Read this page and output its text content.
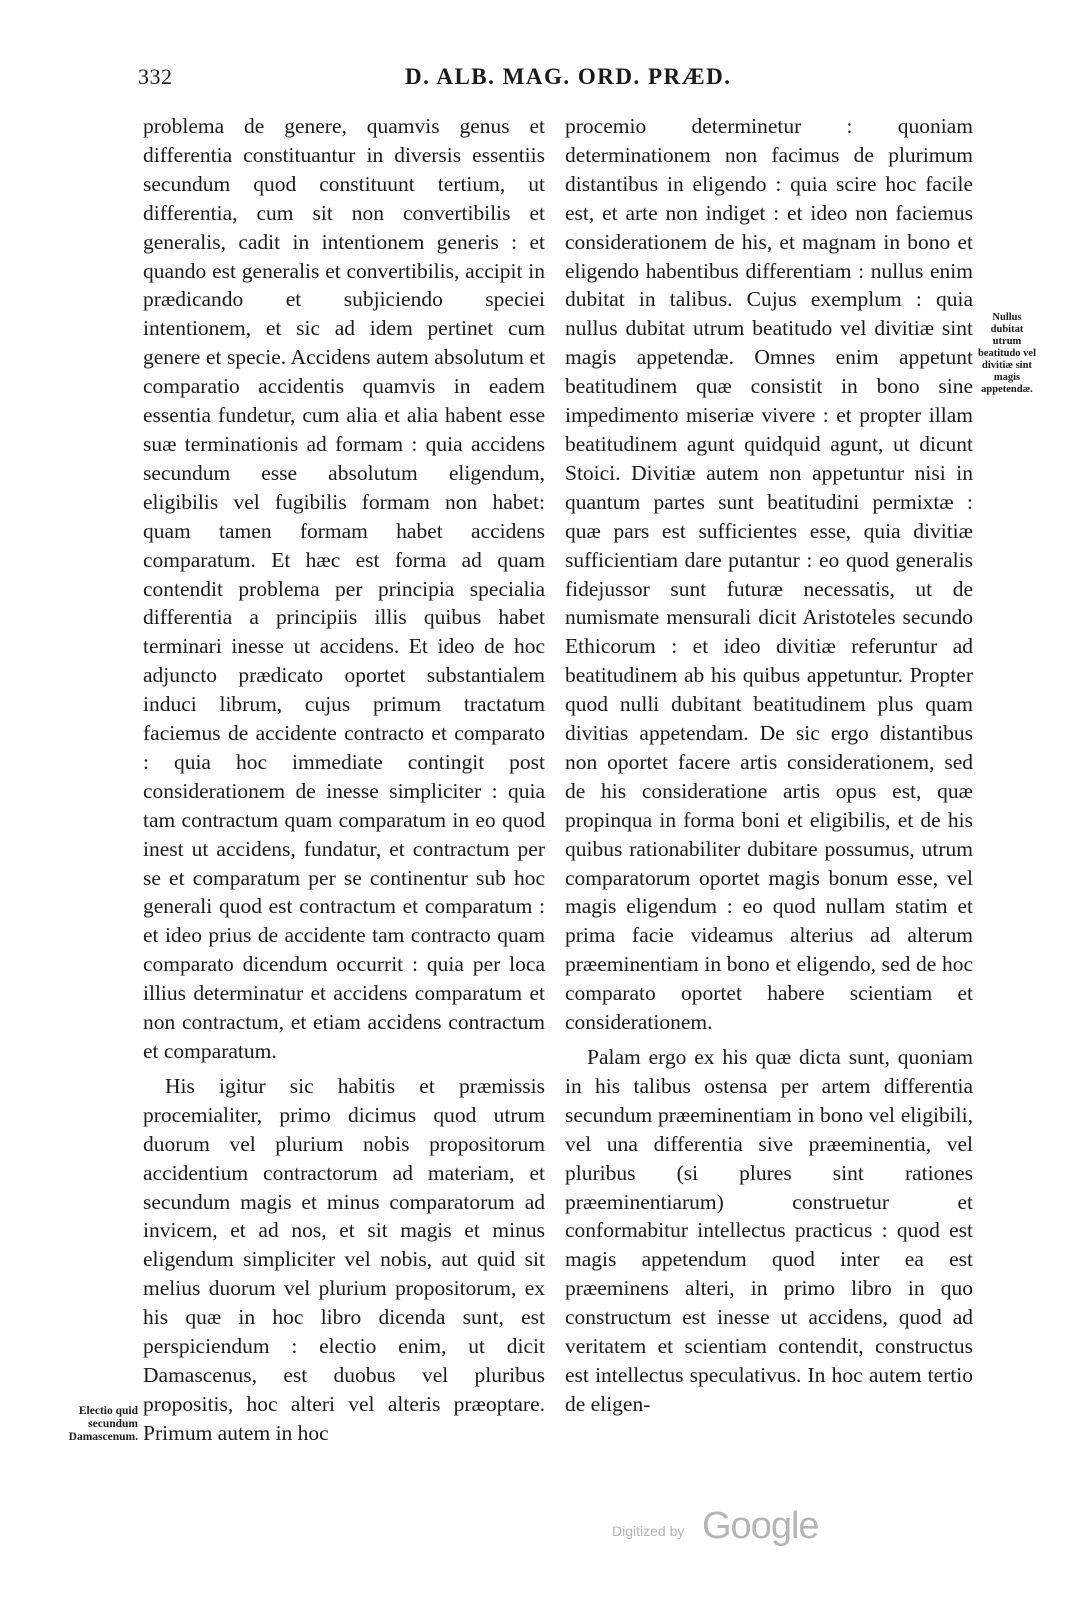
332	D. ALB. MAG. ORD. PRÆD.

problema de genere, quamvis genus et differentia constituantur in diversis essentiis secundum quod constituunt tertium, ut differentia, cum sit non convertibilis et generalis, cadit in intentionem generis : et quando est generalis et convertibilis, accipit in prædicando et subjiciendo speciei intentionem, et sic ad idem pertinet cum genere et specie. Accidens autem absolutum et comparatio accidentis quamvis in eadem essentia fundetur, cum alia et alia habent esse suæ terminationis ad formam : quia accidens secundum esse absolutum eligendum, eligibilis vel fugibilis formam non habet: quam tamen formam habet accidens comparatum. Et hæc est forma ad quam contendit problema per principia specialia differentia a principiis illis quibus habet terminari inesse ut accidens. Et ideo de hoc adjuncto prædicato oportet substantialem induci librum, cujus primum tractatum faciemus de accidente contracto et comparato : quia hoc immediate contingit post considerationem de inesse simpliciter : quia tam contractum quam comparatum in eo quod inest ut accidens, fundatur, et contractum per se et comparatum per se continentur sub hoc generali quod est contractum et comparatum : et ideo prius de accidente tam contracto quam comparato dicendum occurrit : quia per loca illius determinatur et accidens comparatum et non contractum, et etiam accidens contractum et comparatum.

His igitur sic habitis et præmissis procemialiter, primo dicimus quod utrum duorum vel plurium nobis propositorum accidentium contractorum ad materiam, et secundum magis et minus comparatorum ad invicem, et ad nos, et sit magis et minus eligendum simpliciter vel nobis, aut quid sit melius duorum vel plurium propositorum, ex his quæ in hoc libro dicenda sunt, est perspiciendum : electio enim, ut dicit Damascenus, est duobus vel pluribus propositis, hoc alteri vel alteris præoptare. Primum autem in hoc

procemio determinetur : quoniam determinationem non facimus de plurimum distantibus in eligendo : quia scire hoc facile est, et arte non indiget : et ideo non faciemus considerationem de his, et magnam in bono et eligendo habentibus differentiam : nullus enim dubitat in talibus. Cujus exemplum : quia nullus dubitat utrum beatitudo vel divitiæ sint magis appetendæ. Omnes enim appetunt beatitudinem quæ consistit in bono sine impedimento miseriæ vivere : et propter illam beatitudinem agunt quidquid agunt, ut dicunt Stoici. Divitiæ autem non appetuntur nisi in quantum partes sunt beatitudini permixtæ : quæ pars est sufficientes esse, quia divitiæ sufficientiam dare putantur : eo quod generalis fidejussor sunt futuræ necessatis, ut de numismate mensurali dicit Aristoteles secundo Ethicorum : et ideo divitiæ referuntur ad beatitudinem ab his quibus appetuntur. Propter quod nulli dubitant beatitudinem plus quam divitias appetendam. De sic ergo distantibus non oportet facere artis considerationem, sed de his consideratione artis opus est, quæ propinqua in forma boni et eligibilis, et de his quibus rationabiliter dubitare possumus, utrum comparatorum oportet magis bonum esse, vel magis eligendum : eo quod nullam statim et prima facie videamus alterius ad alterum præeminentiam in bono et eligendo, sed de hoc comparato oportet habere scientiam et considerationem.

Palam ergo ex his quæ dicta sunt, quoniam in his talibus ostensa per artem differentia secundum præeminentiam in bono vel eligibili, vel una differentia sive præeminentia, vel pluribus (si plures sint rationes præeminentiarum) construetur et conformabitur intellectus practicus : quod est magis appetendum quod inter ea est præeminens alteri, in primo libro in quo constructum est inesse ut accidens, quod ad veritatem et scientiam contendit, constructus est intellectus speculativus. In hoc autem tertio de eligen-

Electio quid secundum Damascenum.
Nullus dubitat utrum beatitudo vel divitiæ sint magis appetendæ.
Digitized by Google
